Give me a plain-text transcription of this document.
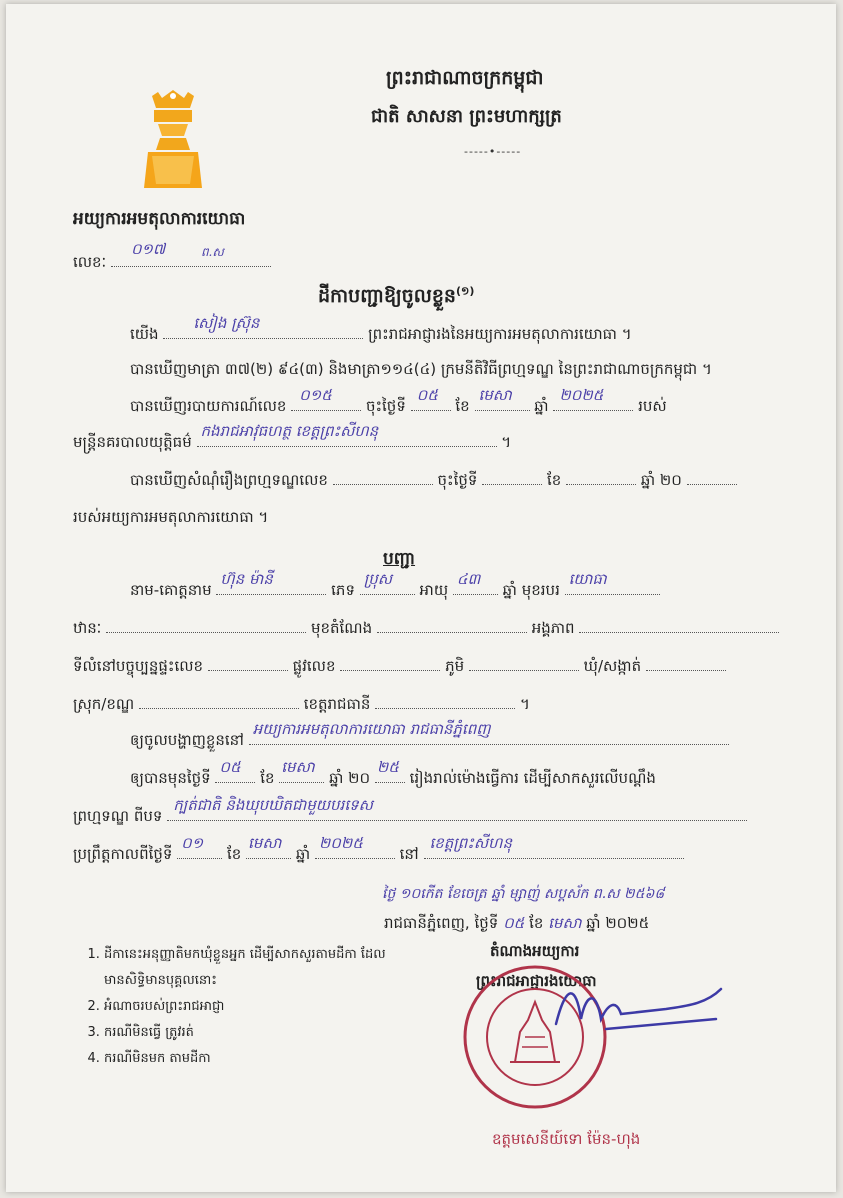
ព្រះរាជាណាចក្រកម្ពុជា
ជាតិ សាសនា ព្រះមហាក្សត្រ
-----•-----
អយ្យការអមតុលាការយោធា
លេខៈ
០១៧	ព.ស
ដីកាបញ្ជាឱ្យចូលខ្លួន$^{(១)}$
យើង
សៀង ស្រ៊ុន
ព្រះរាជអាជ្ញារងនៃអយ្យការអមតុលាការយោធា ។
បានឃើញមាត្រា ៣៧(២) ៩៤(៣) និងមាត្រា១១៤(៤) ក្រមនីតិវិធីព្រហ្មទណ្ឌ នៃព្រះរាជាណាចក្រកម្ពុជា ។
បានឃើញរបាយការណ៍លេខ
០១៥
ចុះថ្ងៃទី
០៥
ខែ
មេសា
ឆ្នាំ
២០២៥
របស់
មន្រ្តីនគរបាលយុត្តិធម៌
កងរាជអាវុធហត្ថ ខេត្តព្រះសីហនុ
។
បានឃើញសំណុំរឿងព្រហ្មទណ្ឌលេខ	ចុះថ្ងៃទី	ខែ	ឆ្នាំ ២០
របស់អយ្យការអមតុលាការយោធា ។
បញ្ជា
នាម-គោត្តនាម
ហ៊ុន ម៉ានី
ភេទ
ប្រុស
អាយុ
៤៣
ឆ្នាំ មុខរបរ
យោធា
ឋានៈ	មុខតំណែង	អង្គភាព
ទីលំនៅបច្ចុប្បន្នផ្ទះលេខ	ផ្លូវលេខ	ភូមិ	ឃុំ/សង្កាត់
ស្រុក/ខណ្ឌ	ខេត្តរាជធានី	។
ឲ្យចូលបង្ហាញខ្លួននៅ
អយ្យការអមតុលាការយោធា រាជធានីភ្នំពេញ
ឲ្យបានមុនថ្ងៃទី
០៥
ខែ
មេសា
ឆ្នាំ ២០
២៥
រៀងរាល់ម៉ោងធ្វើការ ដើម្បីសាកសួរលើបណ្ដឹង
ព្រហ្មទណ្ឌ ពីបទ
ក្បត់ជាតិ និងឃុបឃិតជាមួយបរទេស
ប្រព្រឹត្តកាលពីថ្ងៃទី
០១
ខែ
មេសា
ឆ្នាំ
២០២៥
នៅ
ខេត្តព្រះសីហនុ
ថ្ងៃ ១០កើត ខែចេត្រ ឆ្នាំ ម្សាញ់ សប្តស័ក ព.ស ២៥៦៨
រាជធានីភ្នំពេញ, ថ្ងៃទី ០៥ ខែ មេសា ឆ្នាំ ២០២៥
តំណាងអយ្យការ
ព្រះរាជអាជ្ញារងយោធា
ឧត្តមសេនីយ៍ទោ ម៉ែន-ហុង
1. ដីកានេះអនុញ្ញាតិមកឃុំខ្លួនអ្នក ដើម្បីសាកសួរតាមដីកា ដែលមានសិទ្ធិមានបុគ្គលនោះ
2. អំណាចរបស់ព្រះរាជអាជ្ញា
3. ករណីមិនធ្វើ ត្រូវរត់
4. ករណីមិនមក តាមដីកា
